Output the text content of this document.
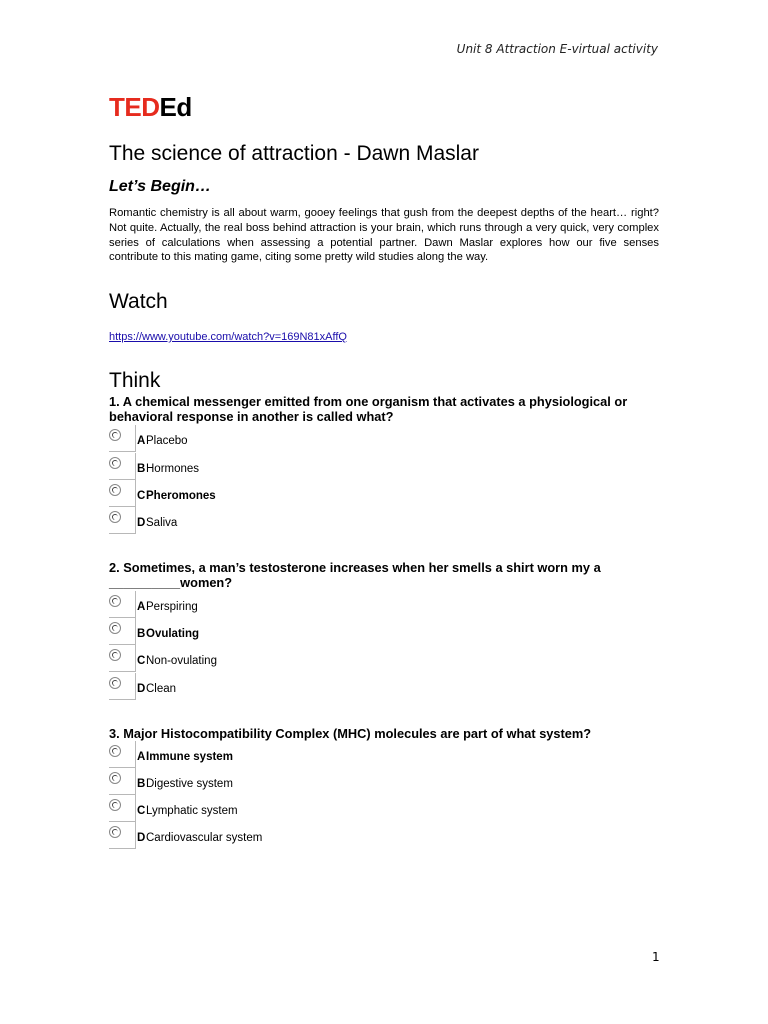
Unit 8 Attraction E-virtual activity
TEDEd
The science of attraction - Dawn Maslar
Let’s Begin…
Romantic chemistry is all about warm, gooey feelings that gush from the deepest depths of the heart… right? Not quite. Actually, the real boss behind attraction is your brain, which runs through a very quick, very complex series of calculations when assessing a potential partner. Dawn Maslar explores how our five senses contribute to this mating game, citing some pretty wild studies along the way.
Watch
https://www.youtube.com/watch?v=169N81xAffQ
Think
1. A chemical messenger emitted from one organism that activates a physiological or behavioral response in another is called what?
A Placebo
B Hormones
C Pheromones
D Saliva
2. Sometimes, a man’s testosterone increases when her smells a shirt worn my a __________women?
A Perspiring
B Ovulating
C Non-ovulating
D Clean
3. Major Histocompatibility Complex (MHC) molecules are part of what system?
A Immune system
B Digestive system
C Lymphatic system
D Cardiovascular system
1
